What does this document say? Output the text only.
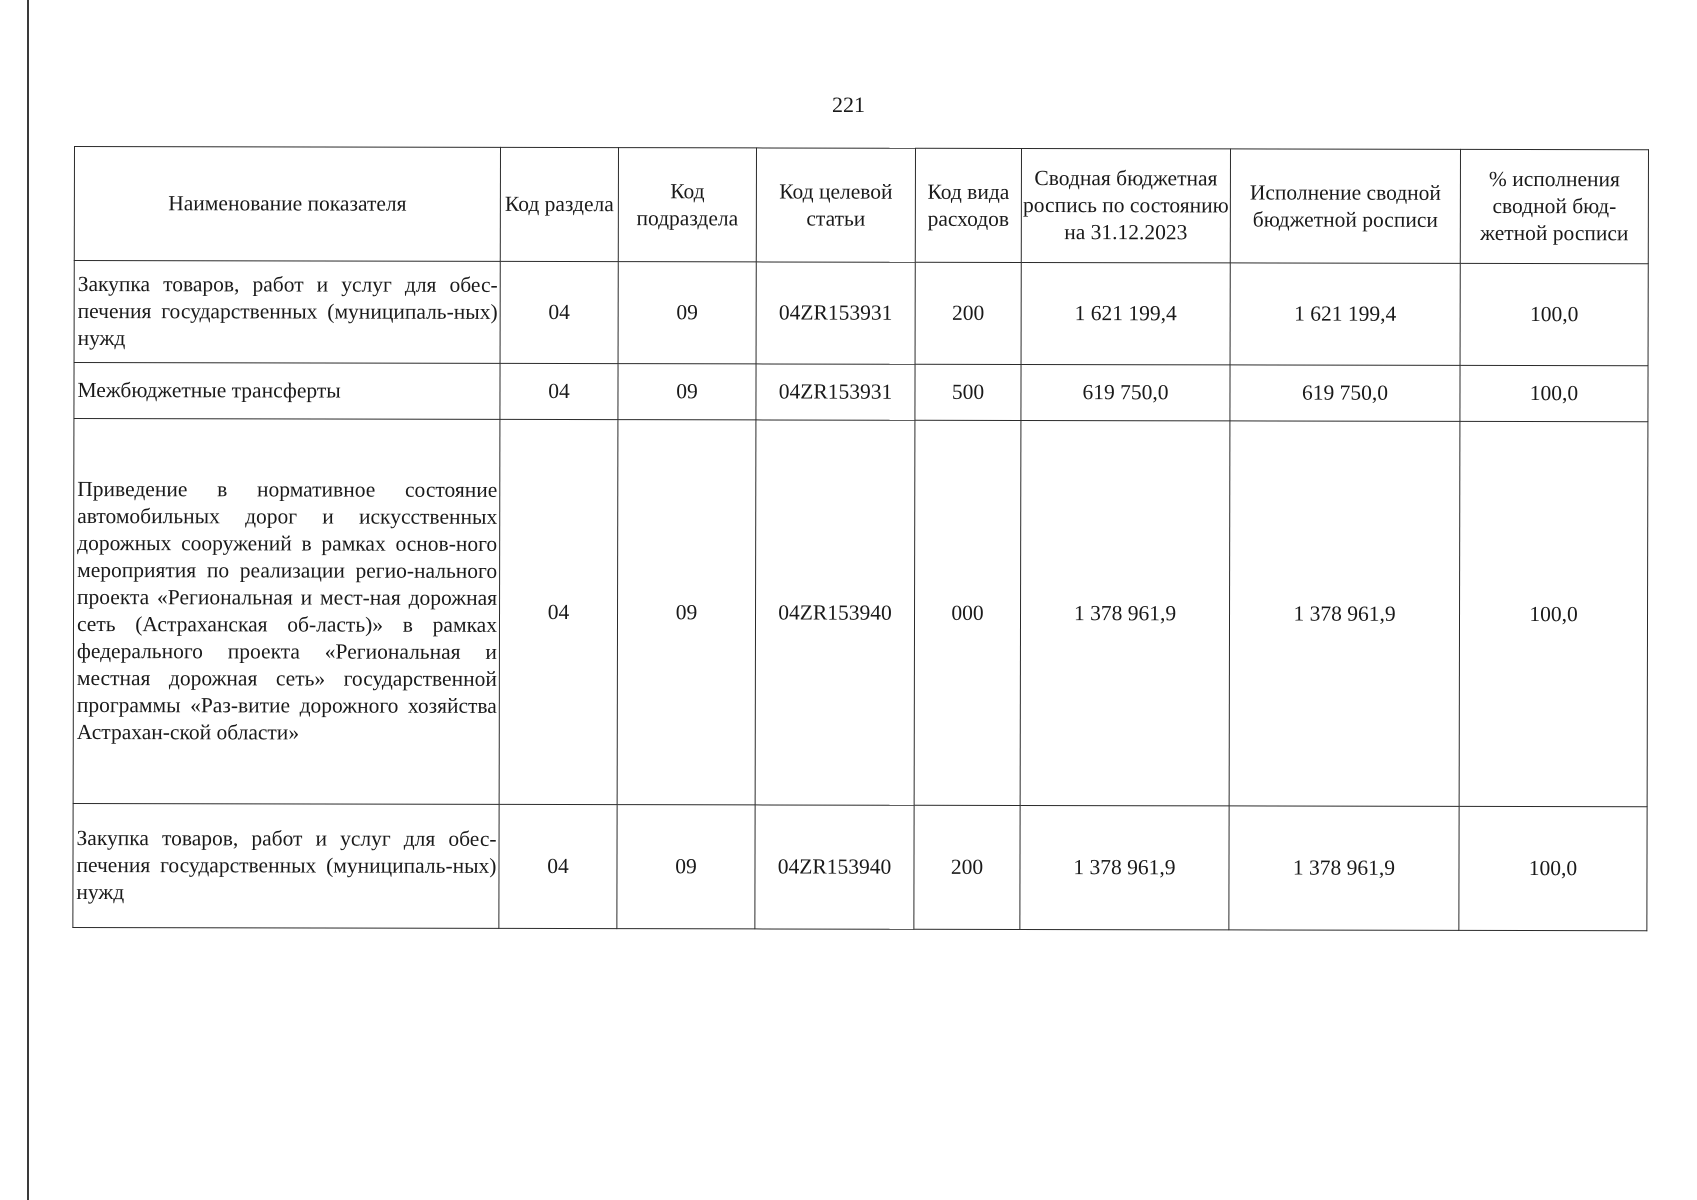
221
Наименование показателя	Код раздела	Код подраздела	Код целевой статьи	Код вида расходов	Сводная бюджетная роспись по состоянию на 31.12.2023	Исполнение сводной бюджетной росписи	% исполнения сводной бюд-жетной росписи
Закупка товаров, работ и услуг для обес-печения государственных (муниципаль-ных) нужд	04	09	04ZR153931	200	1 621 199,4	1 621 199,4	100,0
Межбюджетные трансферты	04	09	04ZR153931	500	619 750,0	619 750,0	100,0
Приведение в нормативное состояние автомобильных дорог и искусственных дорожных сооружений в рамках основ-ного мероприятия по реализации регио-нального проекта «Региональная и мест-ная дорожная сеть (Астраханская об-ласть)» в рамках федерального проекта «Региональная и местная дорожная сеть» государственной программы «Раз-витие дорожного хозяйства Астрахан-ской области»	04	09	04ZR153940	000	1 378 961,9	1 378 961,9	100,0
Закупка товаров, работ и услуг для обес-печения государственных (муниципаль-ных) нужд	04	09	04ZR153940	200	1 378 961,9	1 378 961,9	100,0
